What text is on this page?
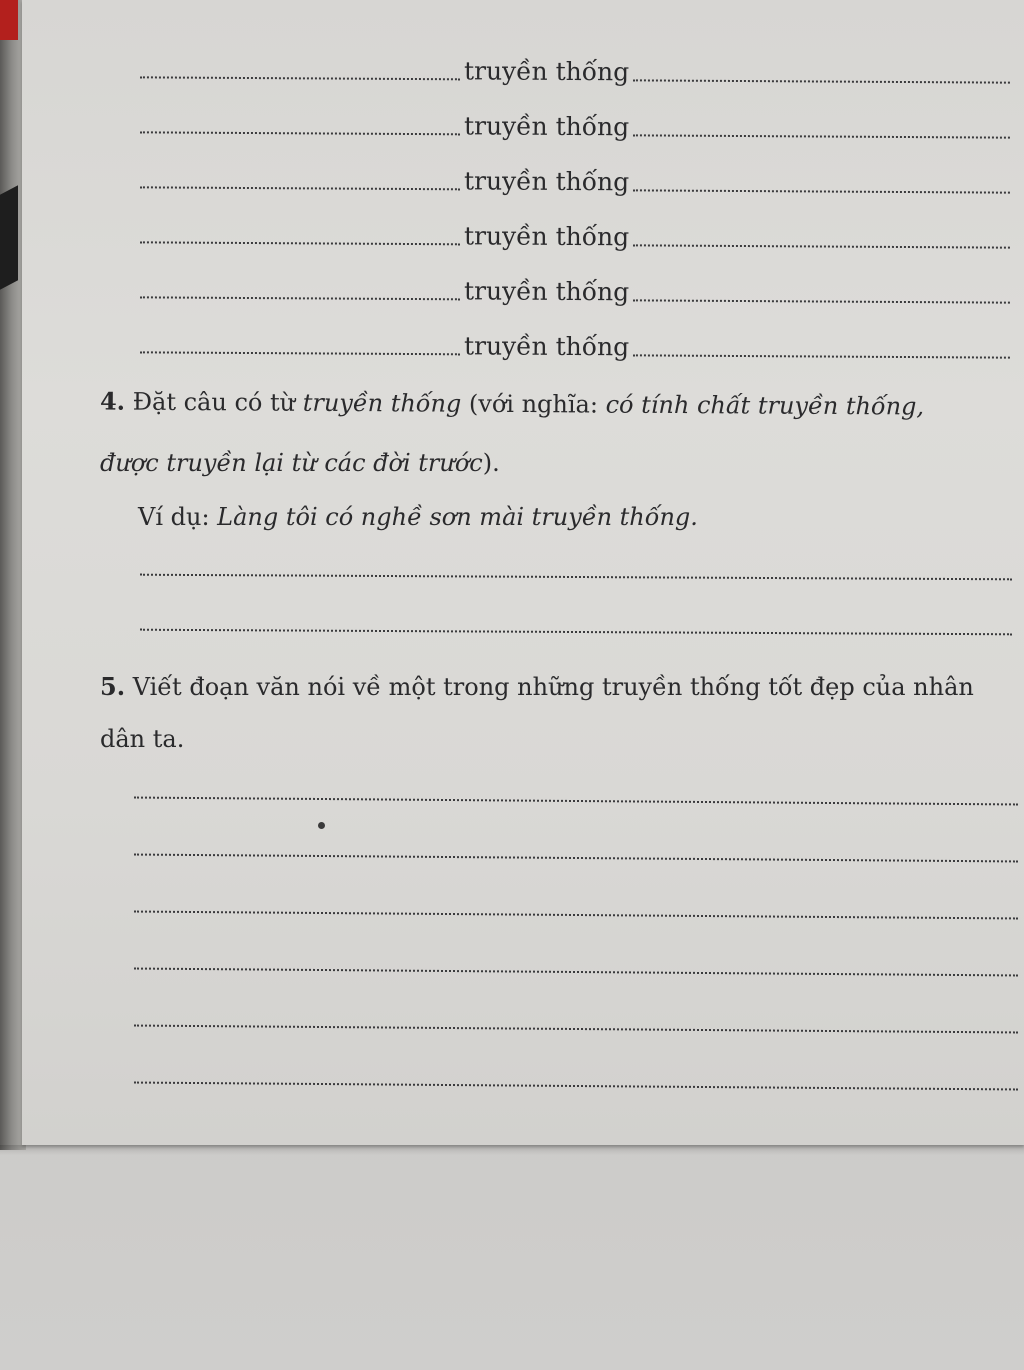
truyền thống
truyền thống
truyền thống
truyền thống
truyền thống
truyền thống
4. Đặt câu có từ truyền thống (với nghĩa: có tính chất truyền thống,
được truyền lại từ các đời trước).
Ví dụ: Làng tôi có nghề sơn mài truyền thống.
5. Viết đoạn văn nói về một trong những truyền thống tốt đẹp của nhân
dân ta.
